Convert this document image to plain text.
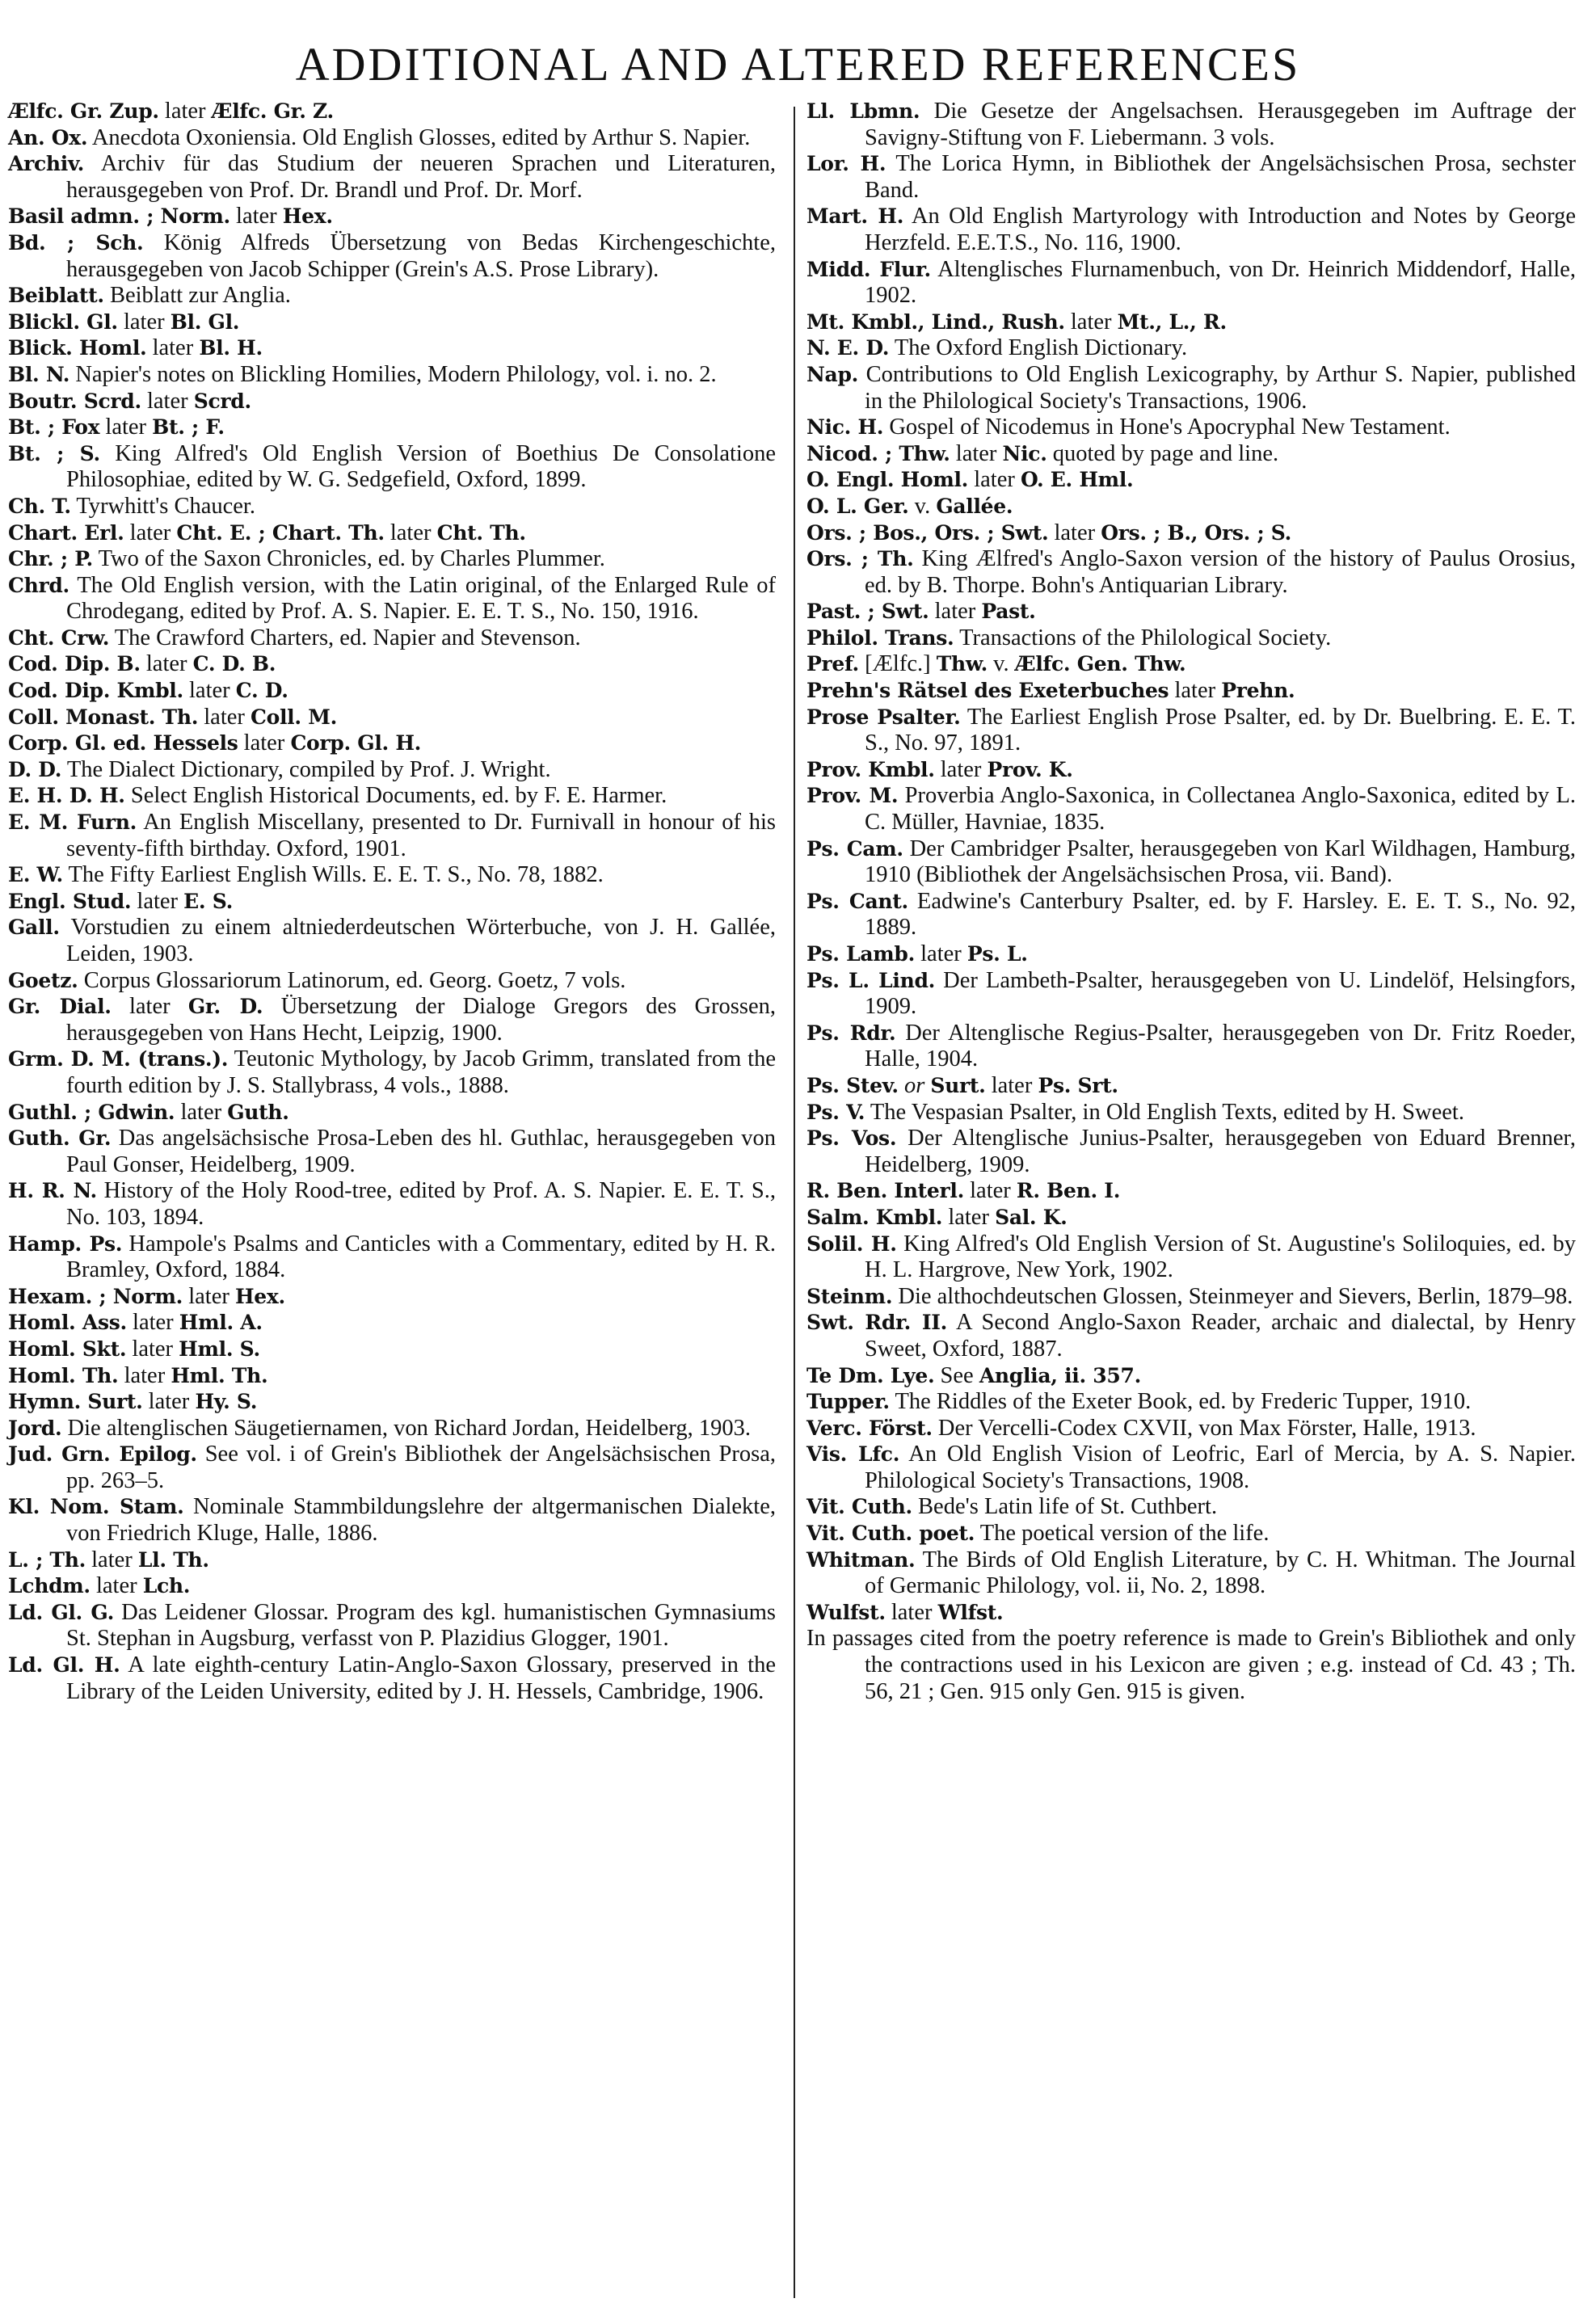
ADDITIONAL AND ALTERED REFERENCES

Ælfc. Gr. Zup. later Ælfc. Gr. Z.

An. Ox. Anecdota Oxoniensia. Old English Glosses, edited by Arthur S. Napier.

Archiv. Archiv für das Studium der neueren Sprachen und Literaturen, herausgegeben von Prof. Dr. Brandl und Prof. Dr. Morf.

Basil admn. ; Norm. later Hex.

Bd. ; Sch. König Alfreds Übersetzung von Bedas Kirchengeschichte, herausgegeben von Jacob Schipper (Grein's A.S. Prose Library).

Beiblatt. Beiblatt zur Anglia.

Blickl. Gl. later Bl. Gl.

Blick. Homl. later Bl. H.

Bl. N. Napier's notes on Blickling Homilies, Modern Philology, vol. i. no. 2.

Boutr. Scrd. later Scrd.

Bt. ; Fox later Bt. ; F.

Bt. ; S. King Alfred's Old English Version of Boethius De Consolatione Philosophiae, edited by W. G. Sedgefield, Oxford, 1899.

Ch. T. Tyrwhitt's Chaucer.

Chart. Erl. later Cht. E. ; Chart. Th. later Cht. Th.

Chr. ; P. Two of the Saxon Chronicles, ed. by Charles Plummer.

Chrd. The Old English version, with the Latin original, of the Enlarged Rule of Chrodegang, edited by Prof. A. S. Napier. E. E. T. S., No. 150, 1916.

Cht. Crw. The Crawford Charters, ed. Napier and Stevenson.

Cod. Dip. B. later C. D. B.

Cod. Dip. Kmbl. later C. D.

Coll. Monast. Th. later Coll. M.

Corp. Gl. ed. Hessels later Corp. Gl. H.

D. D. The Dialect Dictionary, compiled by Prof. J. Wright.

E. H. D. H. Select English Historical Documents, ed. by F. E. Harmer.

E. M. Furn. An English Miscellany, presented to Dr. Furnivall in honour of his seventy-fifth birthday. Oxford, 1901.

E. W. The Fifty Earliest English Wills. E. E. T. S., No. 78, 1882.

Engl. Stud. later E. S.

Gall. Vorstudien zu einem altniederdeutschen Wörterbuche, von J. H. Gallée, Leiden, 1903.

Goetz. Corpus Glossariorum Latinorum, ed. Georg. Goetz, 7 vols.

Gr. Dial. later Gr. D. Übersetzung der Dialoge Gregors des Grossen, herausgegeben von Hans Hecht, Leipzig, 1900.

Grm. D. M. (trans.). Teutonic Mythology, by Jacob Grimm, translated from the fourth edition by J. S. Stallybrass, 4 vols., 1888.

Guthl. ; Gdwin. later Guth.

Guth. Gr. Das angelsächsische Prosa-Leben des hl. Guthlac, herausgegeben von Paul Gonser, Heidelberg, 1909.

H. R. N. History of the Holy Rood-tree, edited by Prof. A. S. Napier. E. E. T. S., No. 103, 1894.

Hamp. Ps. Hampole's Psalms and Canticles with a Commentary, edited by H. R. Bramley, Oxford, 1884.

Hexam. ; Norm. later Hex.

Homl. Ass. later Hml. A.

Homl. Skt. later Hml. S.

Homl. Th. later Hml. Th.

Hymn. Surt. later Hy. S.

Jord. Die altenglischen Säugetiernamen, von Richard Jordan, Heidelberg, 1903.

Jud. Grn. Epilog. See vol. i of Grein's Bibliothek der Angelsächsischen Prosa, pp. 263–5.

Kl. Nom. Stam. Nominale Stammbildungslehre der altgermanischen Dialekte, von Friedrich Kluge, Halle, 1886.

L. ; Th. later Ll. Th.

Lchdm. later Lch.

Ld. Gl. G. Das Leidener Glossar. Program des kgl. humanistischen Gymnasiums St. Stephan in Augsburg, verfasst von P. Plazidius Glogger, 1901.

Ld. Gl. H. A late eighth-century Latin-Anglo-Saxon Glossary, preserved in the Library of the Leiden University, edited by J. H. Hessels, Cambridge, 1906.

Ll. Lbmn. Die Gesetze der Angelsachsen. Herausgegeben im Auftrage der Savigny-Stiftung von F. Liebermann. 3 vols.

Lor. H. The Lorica Hymn, in Bibliothek der Angelsächsischen Prosa, sechster Band.

Mart. H. An Old English Martyrology with Introduction and Notes by George Herzfeld. E.E.T.S., No. 116, 1900.

Midd. Flur. Altenglisches Flurnamenbuch, von Dr. Heinrich Middendorf, Halle, 1902.

Mt. Kmbl., Lind., Rush. later Mt., L., R.

N. E. D. The Oxford English Dictionary.

Nap. Contributions to Old English Lexicography, by Arthur S. Napier, published in the Philological Society's Transactions, 1906.

Nic. H. Gospel of Nicodemus in Hone's Apocryphal New Testament.

Nicod. ; Thw. later Nic. quoted by page and line.

O. Engl. Homl. later O. E. Hml.

O. L. Ger. v. Gallée.

Ors. ; Bos., Ors. ; Swt. later Ors. ; B., Ors. ; S.

Ors. ; Th. King Ælfred's Anglo-Saxon version of the history of Paulus Orosius, ed. by B. Thorpe. Bohn's Antiquarian Library.

Past. ; Swt. later Past.

Philol. Trans. Transactions of the Philological Society.

Pref. [Ælfc.] Thw. v. Ælfc. Gen. Thw.

Prehn's Rätsel des Exeterbuches later Prehn.

Prose Psalter. The Earliest English Prose Psalter, ed. by Dr. Buelbring. E. E. T. S., No. 97, 1891.

Prov. Kmbl. later Prov. K.

Prov. M. Proverbia Anglo-Saxonica, in Collectanea Anglo-Saxonica, edited by L. C. Müller, Havniae, 1835.

Ps. Cam. Der Cambridger Psalter, herausgegeben von Karl Wildhagen, Hamburg, 1910 (Bibliothek der Angelsächsischen Prosa, vii. Band).

Ps. Cant. Eadwine's Canterbury Psalter, ed. by F. Harsley. E. E. T. S., No. 92, 1889.

Ps. Lamb. later Ps. L.

Ps. L. Lind. Der Lambeth-Psalter, herausgegeben von U. Lindelöf, Helsingfors, 1909.

Ps. Rdr. Der Altenglische Regius-Psalter, herausgegeben von Dr. Fritz Roeder, Halle, 1904.

Ps. Stev. or Surt. later Ps. Srt.

Ps. V. The Vespasian Psalter, in Old English Texts, edited by H. Sweet.

Ps. Vos. Der Altenglische Junius-Psalter, herausgegeben von Eduard Brenner, Heidelberg, 1909.

R. Ben. Interl. later R. Ben. I.

Salm. Kmbl. later Sal. K.

Solil. H. King Alfred's Old English Version of St. Augustine's Soliloquies, ed. by H. L. Hargrove, New York, 1902.

Steinm. Die althochdeutschen Glossen, Steinmeyer and Sievers, Berlin, 1879–98.

Swt. Rdr. II. A Second Anglo-Saxon Reader, archaic and dialectal, by Henry Sweet, Oxford, 1887.

Te Dm. Lye. See Anglia, ii. 357.

Tupper. The Riddles of the Exeter Book, ed. by Frederic Tupper, 1910.

Verc. Först. Der Vercelli-Codex CXVII, von Max Förster, Halle, 1913.

Vis. Lfc. An Old English Vision of Leofric, Earl of Mercia, by A. S. Napier. Philological Society's Transactions, 1908.

Vit. Cuth. Bede's Latin life of St. Cuthbert.

Vit. Cuth. poet. The poetical version of the life.

Whitman. The Birds of Old English Literature, by C. H. Whitman. The Journal of Germanic Philology, vol. ii, No. 2, 1898.

Wulfst. later Wlfst.

In passages cited from the poetry reference is made to Grein's Bibliothek and only the contractions used in his Lexicon are given ; e.g. instead of Cd. 43 ; Th. 56, 21 ; Gen. 915 only Gen. 915 is given.
